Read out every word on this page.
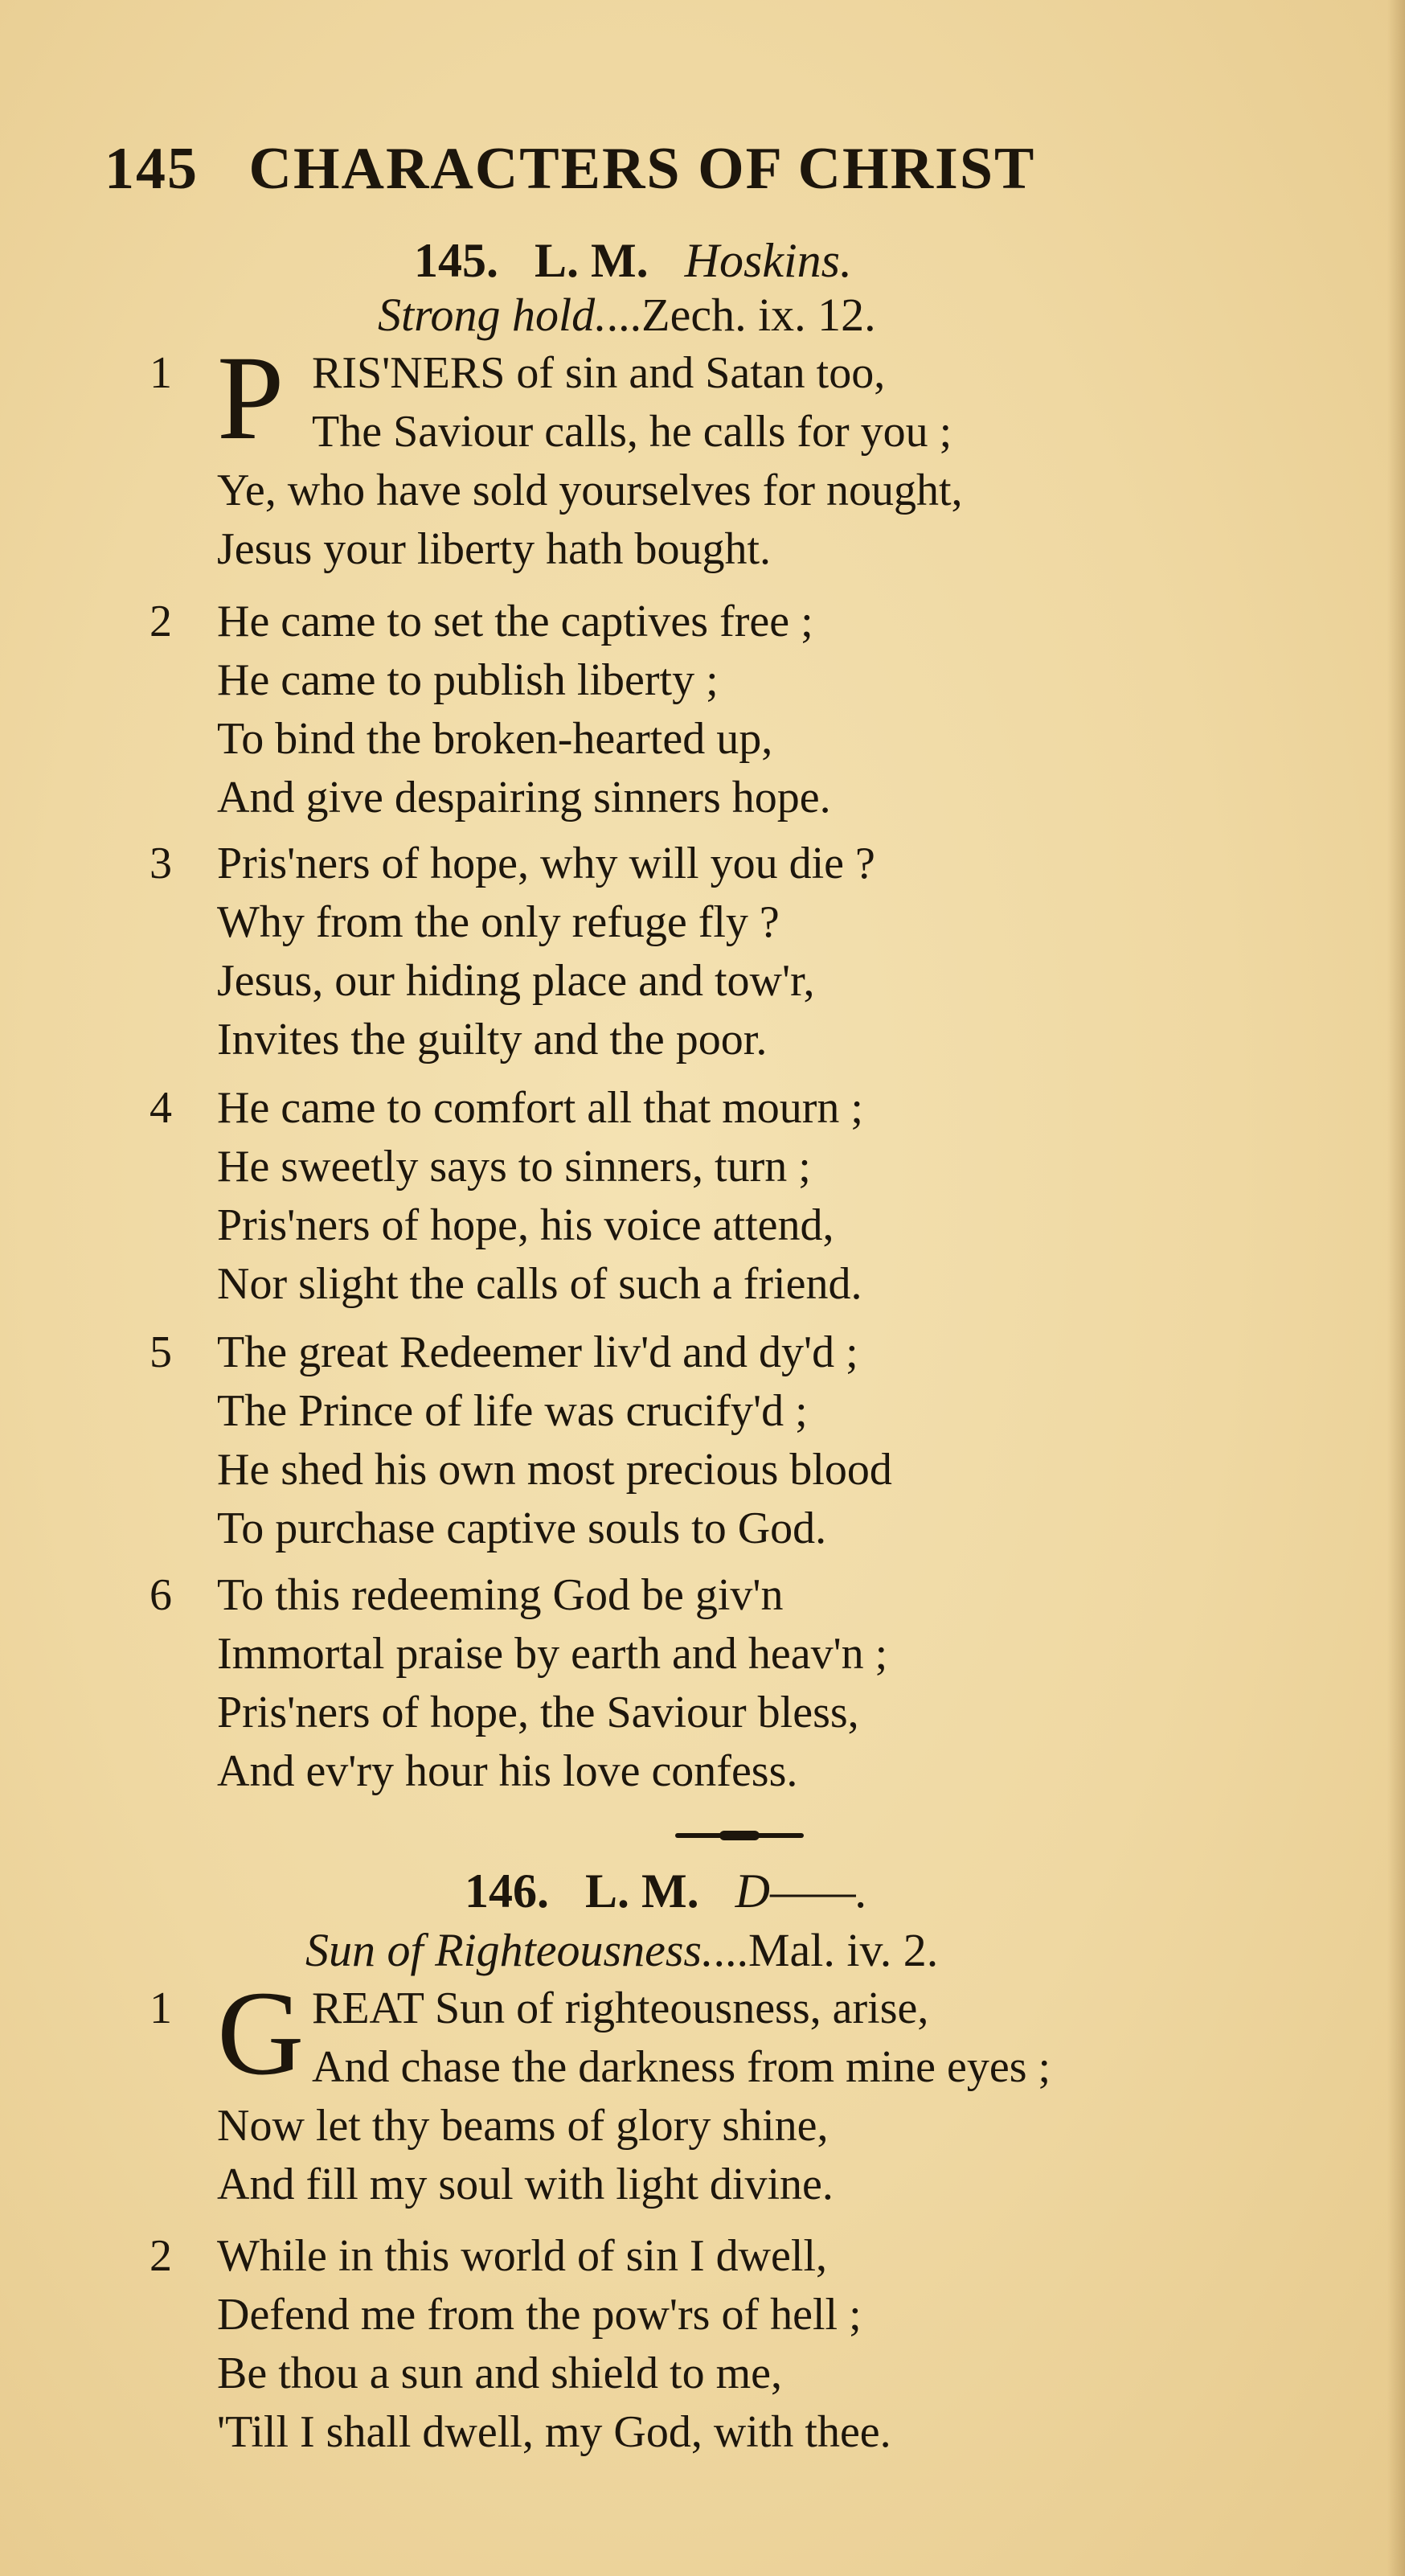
145 CHARACTERS OF CHRIST
145. L. M. Hoskins.
Strong hold....Zech. ix. 12.
1 P RIS'NERS of sin and Satan too,
The Saviour calls, he calls for you ;
Ye, who have sold yourselves for nought,
Jesus your liberty hath bought.
2 He came to set the captives free ;
He came to publish liberty ;
To bind the broken-hearted up,
And give despairing sinners hope.
3 Pris'ners of hope, why will you die ?
Why from the only refuge fly ?
Jesus, our hiding place and tow'r,
Invites the guilty and the poor.
4 He came to comfort all that mourn ;
He sweetly says to sinners, turn ;
Pris'ners of hope, his voice attend,
Nor slight the calls of such a friend.
5 The great Redeemer liv'd and dy'd ;
The Prince of life was crucify'd ;
He shed his own most precious blood
To purchase captive souls to God.
6 To this redeeming God be giv'n
Immortal praise by earth and heav'n ;
Pris'ners of hope, the Saviour bless,
And ev'ry hour his love confess.
146. L. M. D——.
Sun of Righteousness....Mal. iv. 2.
1 G REAT Sun of righteousness, arise,
And chase the darkness from mine eyes ;
Now let thy beams of glory shine,
And fill my soul with light divine.
2 While in this world of sin I dwell,
Defend me from the pow'rs of hell ;
Be thou a sun and shield to me,
'Till I shall dwell, my God, with thee.
